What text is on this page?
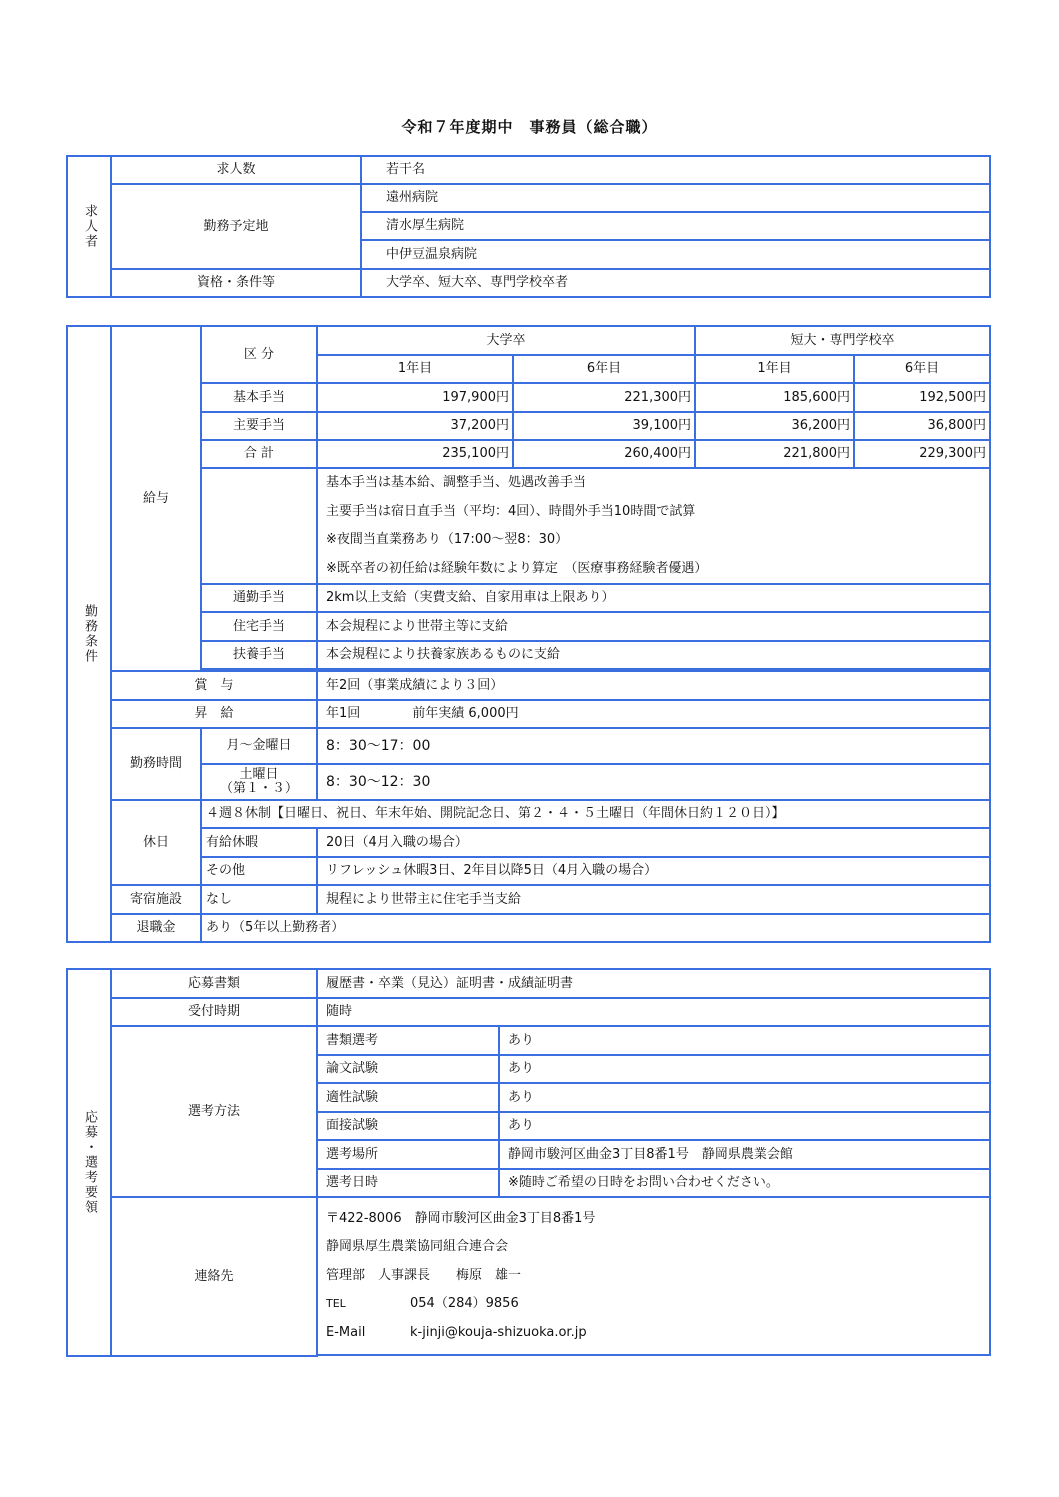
令和７年度期中　事務員（総合職）
求人者	求人数	若干名
	勤務予定地	遠州病院
		清水厚生病院
		中伊豆温泉病院
	資格・条件等	大学卒、短大卒、専門学校卒者
勤務条件	給与	区 分	大学卒		短大・専門学校卒	
			1年目	6年目	1年目	6年目
		基本手当	197,900円	221,300円	185,600円	192,500円
		主要手当	37,200円	39,100円	36,200円	36,800円
		合 計	235,100円	260,400円	221,800円	229,300円

			基本手当は基本給、調整手当、処遇改善手当
主要手当は宿日直手当（平均：4回）、時間外手当10時間で試算
※夜間当直業務あり（17:00～翌8：30）
※既卒者の初任給は経験年数により算定　（医療事務経験者優遇）			

		通勤手当	2km以上支給（実費支給、自家用車は上限あり）			
		住宅手当	本会規程により世帯主等に支給			
		扶養手当	本会規程により扶養家族あるものに支給			

	賞　与		年2回（事業成績により３回）			
	昇　給		年1回　　　　前年実績 6,000円			
	勤務時間	月～金曜日	8：30～17：00			

		土曜日
（第１・３）	8：30～12：30			
	休日	４週８休制【日曜日、祝日、年末年始、開院記念日、第２・４・５土曜日（年間休日約１２０日）】				
		有給休暇	20日（4月入職の場合）			
		その他	リフレッシュ休暇3日、2年目以降5日（4月入職の場合）			
	寄宿施設	なし	規程により世帯主に住宅手当支給			
	退職金	あり（5年以上勤務者）				
応募・選考要領	応募書類	履歴書・卒業（見込）証明書・成績証明書	
	受付時期	随時	
	選考方法	書類選考	あり
		論文試験	あり
		適性試験	あり
		面接試験	あり
		選考場所	静岡市駿河区曲金3丁目8番1号　静岡県農業会館
		選考日時	※随時ご希望の日時をお問い合わせください。
	連絡先	〒422-8006　静岡市駿河区曲金3丁目8番1号
静岡県厚生農業協同組合連合会
管理部　人事課長　　梅原　雄一
TEL 054（284）9856
E-Mail k-jinji@kouja-shizuoka.or.jp	
